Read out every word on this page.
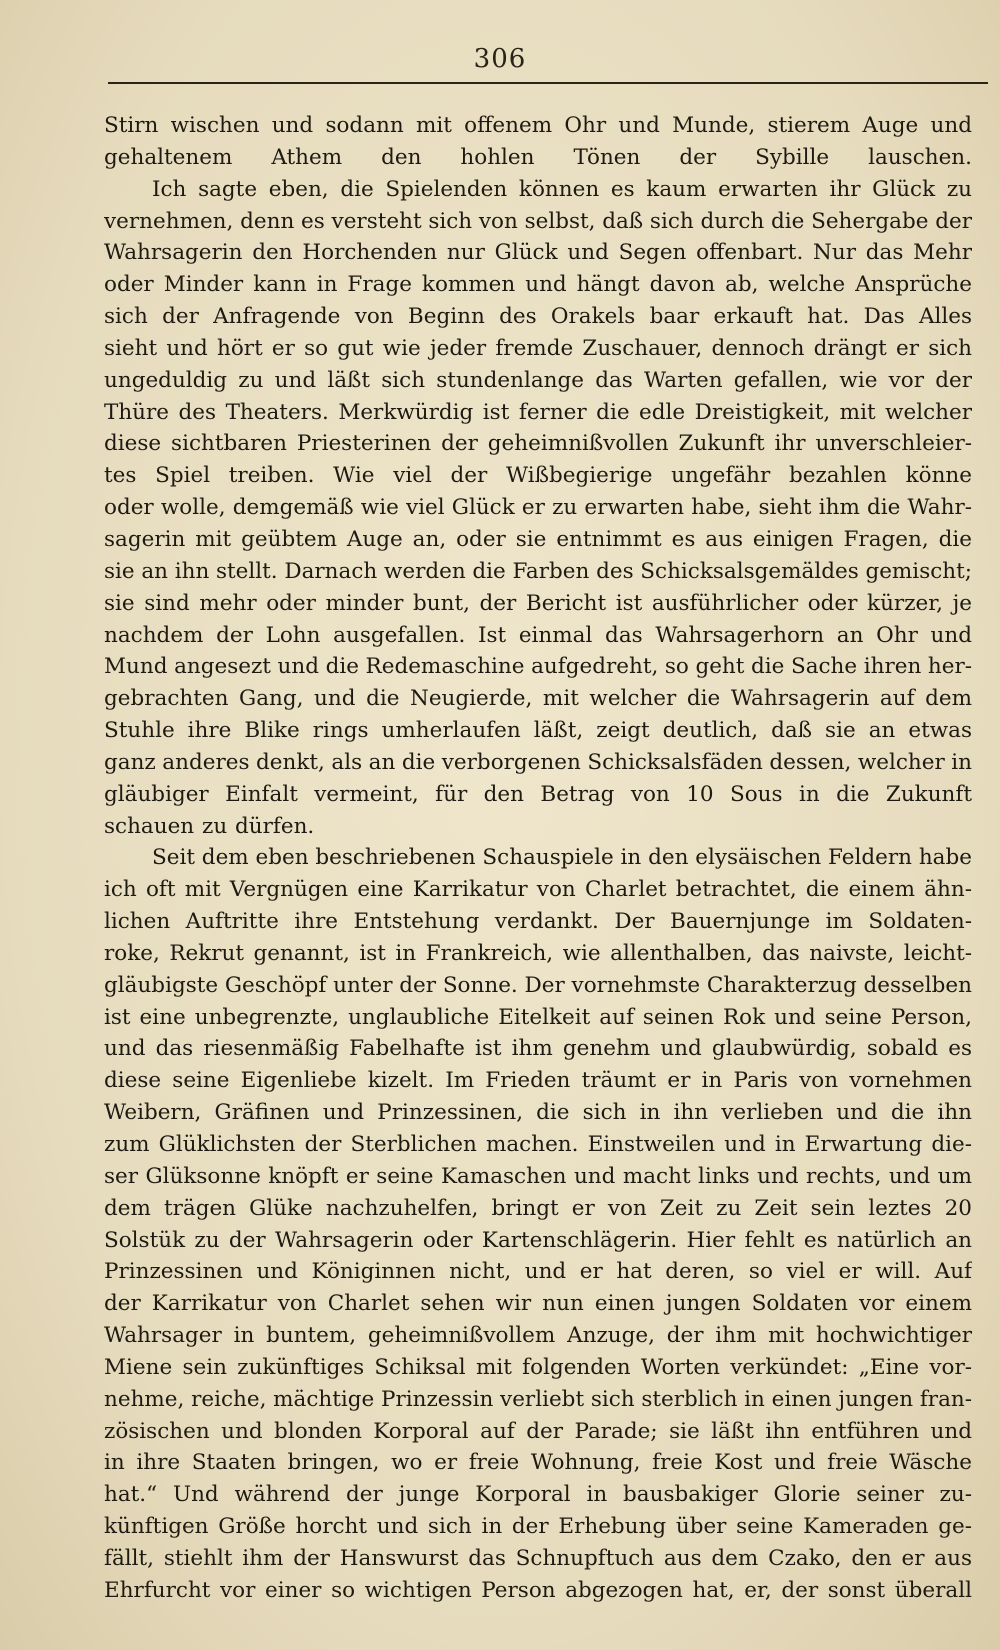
306
Stirn wischen und sodann mit offenem Ohr und Munde, stierem Auge und
gehaltenem Athem den hohlen Tönen der Sybille lauschen.
Ich sagte eben, die Spielenden können es kaum erwarten ihr Glück zu
vernehmen, denn es versteht sich von selbst, daß sich durch die Sehergabe der
Wahrsagerin den Horchenden nur Glück und Segen offenbart. Nur das Mehr
oder Minder kann in Frage kommen und hängt davon ab, welche Ansprüche
sich der Anfragende von Beginn des Orakels baar erkauft hat. Das Alles
sieht und hört er so gut wie jeder fremde Zuschauer, dennoch drängt er sich
ungeduldig zu und läßt sich stundenlange das Warten gefallen, wie vor der
Thüre des Theaters. Merkwürdig ist ferner die edle Dreistigkeit, mit welcher
diese sichtbaren Priesterinen der geheimnißvollen Zukunft ihr unverschleier-
tes Spiel treiben. Wie viel der Wißbegierige ungefähr bezahlen könne
oder wolle, demgemäß wie viel Glück er zu erwarten habe, sieht ihm die Wahr-
sagerin mit geübtem Auge an, oder sie entnimmt es aus einigen Fragen, die
sie an ihn stellt. Darnach werden die Farben des Schicksalsgemäldes gemischt;
sie sind mehr oder minder bunt, der Bericht ist ausführlicher oder kürzer, je
nachdem der Lohn ausgefallen. Ist einmal das Wahrsagerhorn an Ohr und
Mund angesezt und die Redemaschine aufgedreht, so geht die Sache ihren her-
gebrachten Gang, und die Neugierde, mit welcher die Wahrsagerin auf dem
Stuhle ihre Blike rings umherlaufen läßt, zeigt deutlich, daß sie an etwas
ganz anderes denkt, als an die verborgenen Schicksalsfäden dessen, welcher in
gläubiger Einfalt vermeint, für den Betrag von 10 Sous in die Zukunft
schauen zu dürfen.
Seit dem eben beschriebenen Schauspiele in den elysäischen Feldern habe
ich oft mit Vergnügen eine Karrikatur von Charlet betrachtet, die einem ähn-
lichen Auftritte ihre Entstehung verdankt. Der Bauernjunge im Soldaten-
roke, Rekrut genannt, ist in Frankreich, wie allenthalben, das naivste, leicht-
gläubigste Geschöpf unter der Sonne. Der vornehmste Charakterzug desselben
ist eine unbegrenzte, unglaubliche Eitelkeit auf seinen Rok und seine Person,
und das riesenmäßig Fabelhafte ist ihm genehm und glaubwürdig, sobald es
diese seine Eigenliebe kizelt. Im Frieden träumt er in Paris von vornehmen
Weibern, Gräfinen und Prinzessinen, die sich in ihn verlieben und die ihn
zum Glüklichsten der Sterblichen machen. Einstweilen und in Erwartung die-
ser Glüksonne knöpft er seine Kamaschen und macht links und rechts, und um
dem trägen Glüke nachzuhelfen, bringt er von Zeit zu Zeit sein leztes 20
Solstük zu der Wahrsagerin oder Kartenschlägerin. Hier fehlt es natürlich an
Prinzessinen und Königinnen nicht, und er hat deren, so viel er will. Auf
der Karrikatur von Charlet sehen wir nun einen jungen Soldaten vor einem
Wahrsager in buntem, geheimnißvollem Anzuge, der ihm mit hochwichtiger
Miene sein zukünftiges Schiksal mit folgenden Worten verkündet: „Eine vor-
nehme, reiche, mächtige Prinzessin verliebt sich sterblich in einen jungen fran-
zösischen und blonden Korporal auf der Parade; sie läßt ihn entführen und
in ihre Staaten bringen, wo er freie Wohnung, freie Kost und freie Wäsche
hat.“ Und während der junge Korporal in bausbakiger Glorie seiner zu-
künftigen Größe horcht und sich in der Erhebung über seine Kameraden ge-
fällt, stiehlt ihm der Hanswurst das Schnupftuch aus dem Czako, den er aus
Ehrfurcht vor einer so wichtigen Person abgezogen hat, er, der sonst überall
